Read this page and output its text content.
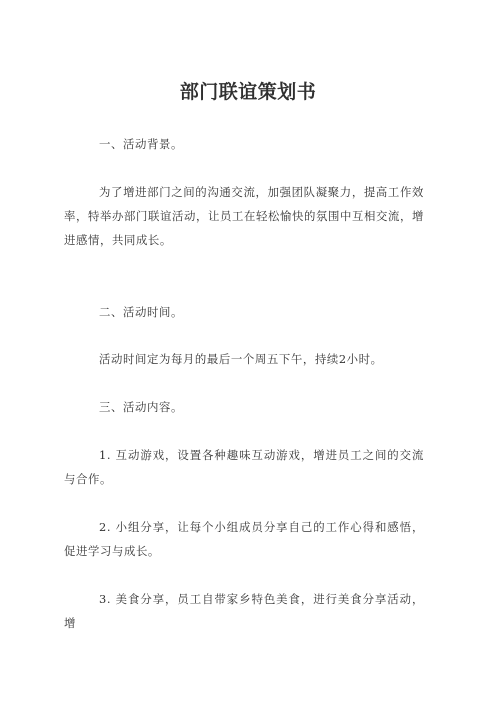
部门联谊策划书
一、活动背景。
为了增进部门之间的沟通交流，加强团队凝聚力，提高工作效率，特举办部门联谊活动，让员工在轻松愉快的氛围中互相交流，增进感情，共同成长。
二、活动时间。
活动时间定为每月的最后一个周五下午，持续2小时。
三、活动内容。
1. 互动游戏，设置各种趣味互动游戏，增进员工之间的交流与合作。
2. 小组分享，让每个小组成员分享自己的工作心得和感悟，促进学习与成长。
3. 美食分享，员工自带家乡特色美食，进行美食分享活动，增
